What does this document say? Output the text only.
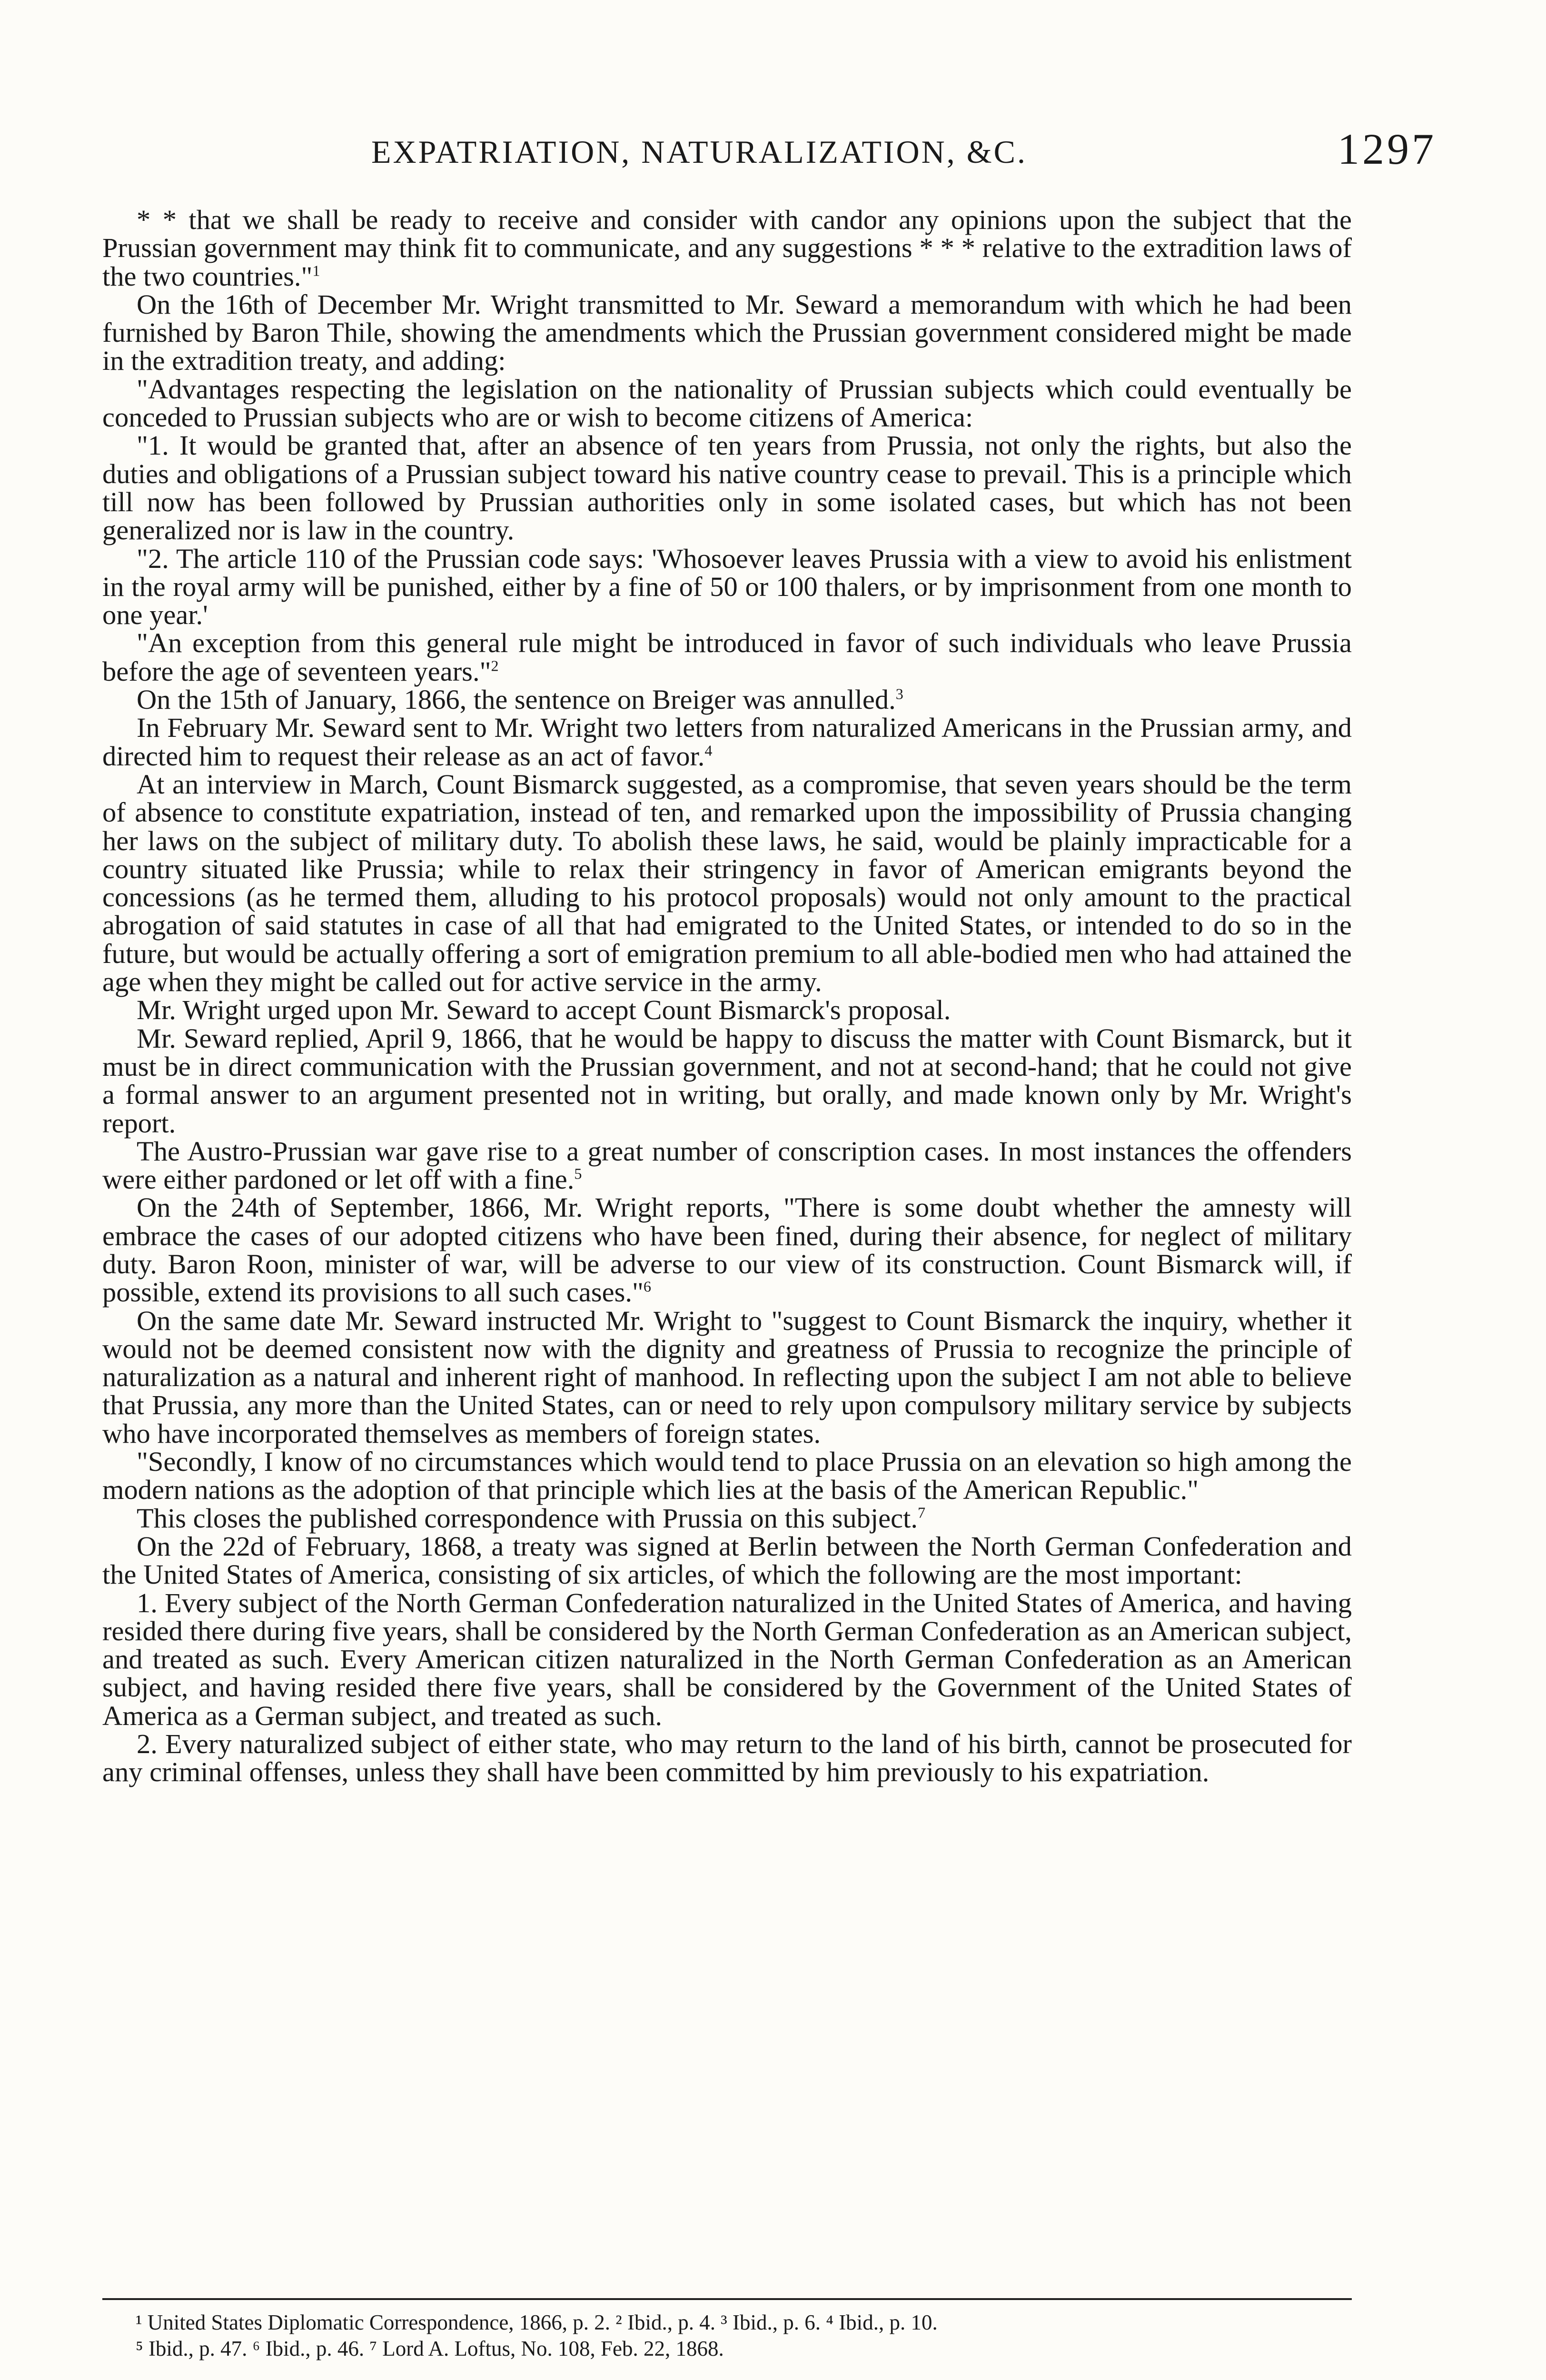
EXPATRIATION, NATURALIZATION, &C.	1297

* * that we shall be ready to receive and consider with candor any opinions upon the subject that the Prussian government may think fit to communicate, and any suggestions * * * relative to the extradition laws of the two countries."$^1$

On the 16th of December Mr. Wright transmitted to Mr. Seward a memorandum with which he had been furnished by Baron Thile, showing the amendments which the Prussian government considered might be made in the extradition treaty, and adding:

"Advantages respecting the legislation on the nationality of Prussian subjects which could eventually be conceded to Prussian subjects who are or wish to become citizens of America:

"1. It would be granted that, after an absence of ten years from Prussia, not only the rights, but also the duties and obligations of a Prussian subject toward his native country cease to prevail. This is a principle which till now has been followed by Prussian authorities only in some isolated cases, but which has not been generalized nor is law in the country.

"2. The article 110 of the Prussian code says: 'Whosoever leaves Prussia with a view to avoid his enlistment in the royal army will be punished, either by a fine of 50 or 100 thalers, or by imprisonment from one month to one year.'

"An exception from this general rule might be introduced in favor of such individuals who leave Prussia before the age of seventeen years."$^2$

On the 15th of January, 1866, the sentence on Breiger was annulled.$^3$

In February Mr. Seward sent to Mr. Wright two letters from naturalized Americans in the Prussian army, and directed him to request their release as an act of favor.$^4$

At an interview in March, Count Bismarck suggested, as a compromise, that seven years should be the term of absence to constitute expatriation, instead of ten, and remarked upon the impossibility of Prussia changing her laws on the subject of military duty. To abolish these laws, he said, would be plainly impracticable for a country situated like Prussia; while to relax their stringency in favor of American emigrants beyond the concessions (as he termed them, alluding to his protocol proposals) would not only amount to the practical abrogation of said statutes in case of all that had emigrated to the United States, or intended to do so in the future, but would be actually offering a sort of emigration premium to all able-bodied men who had attained the age when they might be called out for active service in the army.

Mr. Wright urged upon Mr. Seward to accept Count Bismarck's proposal.

Mr. Seward replied, April 9, 1866, that he would be happy to discuss the matter with Count Bismarck, but it must be in direct communication with the Prussian government, and not at second-hand; that he could not give a formal answer to an argument presented not in writing, but orally, and made known only by Mr. Wright's report.

The Austro-Prussian war gave rise to a great number of conscription cases. In most instances the offenders were either pardoned or let off with a fine.$^5$

On the 24th of September, 1866, Mr. Wright reports, "There is some doubt whether the amnesty will embrace the cases of our adopted citizens who have been fined, during their absence, for neglect of military duty. Baron Roon, minister of war, will be adverse to our view of its construction. Count Bismarck will, if possible, extend its provisions to all such cases."$^6$

On the same date Mr. Seward instructed Mr. Wright to "suggest to Count Bismarck the inquiry, whether it would not be deemed consistent now with the dignity and greatness of Prussia to recognize the principle of naturalization as a natural and inherent right of manhood. In reflecting upon the subject I am not able to believe that Prussia, any more than the United States, can or need to rely upon compulsory military service by subjects who have incorporated themselves as members of foreign states.

"Secondly, I know of no circumstances which would tend to place Prussia on an elevation so high among the modern nations as the adoption of that principle which lies at the basis of the American Republic."

This closes the published correspondence with Prussia on this subject.$^7$

On the 22d of February, 1868, a treaty was signed at Berlin between the North German Confederation and the United States of America, consisting of six articles, of which the following are the most important:

1. Every subject of the North German Confederation naturalized in the United States of America, and having resided there during five years, shall be considered by the North German Confederation as an American subject, and treated as such. Every American citizen naturalized in the North German Confederation as an American subject, and having resided there five years, shall be considered by the Government of the United States of America as a German subject, and treated as such.

2. Every naturalized subject of either state, who may return to the land of his birth, cannot be prosecuted for any criminal offenses, unless they shall have been committed by him previously to his expatriation.

¹ United States Diplomatic Correspondence, 1866, p. 2. ² Ibid., p. 4. ³ Ibid., p. 6. ⁴ Ibid., p. 10.

⁵ Ibid., p. 47. ⁶ Ibid., p. 46. ⁷ Lord A. Loftus, No. 108, Feb. 22, 1868.
